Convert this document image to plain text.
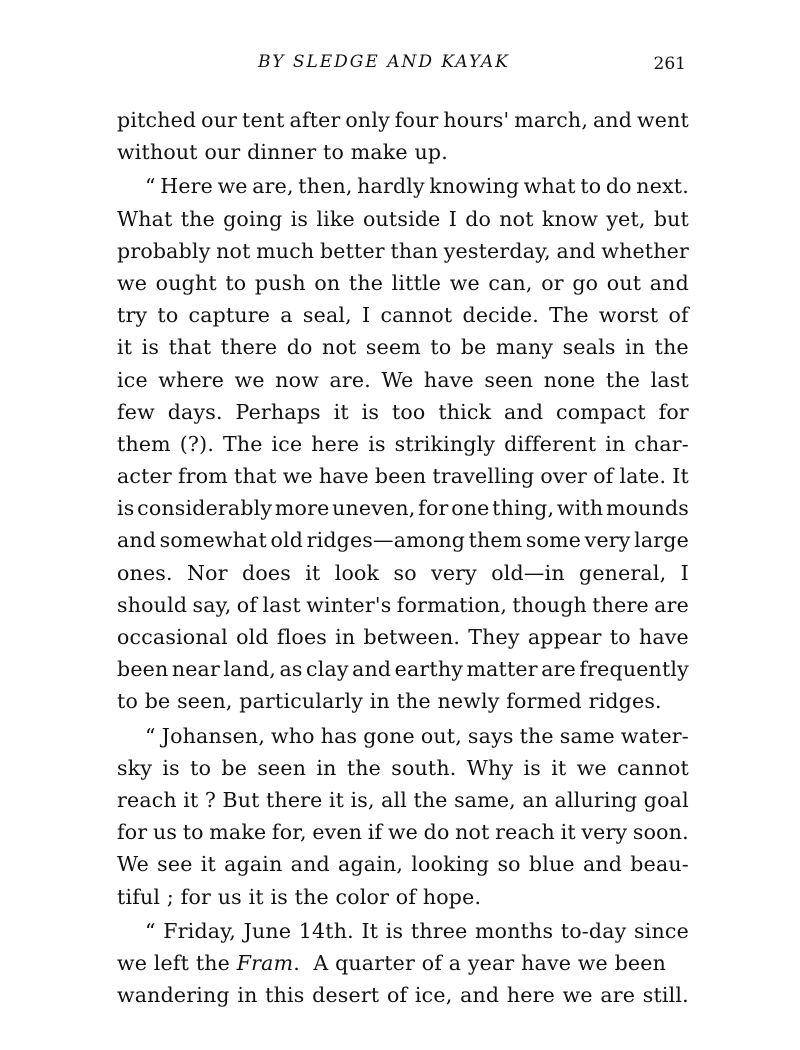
BY SLEDGE AND KAYAK	261
pitched our tent after only four hours' march, and went
without our dinner to make up.
“ Here we are, then, hardly knowing what to do next.
What the going is like outside I do not know yet, but
probably not much better than yesterday, and whether
we ought to push on the little we can, or go out and
try to capture a seal, I cannot decide. The worst of
it is that there do not seem to be many seals in the
ice where we now are. We have seen none the last
few days. Perhaps it is too thick and compact for
them (?). The ice here is strikingly different in char-
acter from that we have been travelling over of late. It
is considerably more uneven, for one thing, with mounds
and somewhat old ridges—among them some very large
ones. Nor does it look so very old—in general, I
should say, of last winter's formation, though there are
occasional old floes in between. They appear to have
been near land, as clay and earthy matter are frequently
to be seen, particularly in the newly formed ridges.
“ Johansen, who has gone out, says the same water-
sky is to be seen in the south. Why is it we cannot
reach it ? But there it is, all the same, an alluring goal
for us to make for, even if we do not reach it very soon.
We see it again and again, looking so blue and beau-
tiful ; for us it is the color of hope.
“ Friday, June 14th. It is three months to-day since
we left the Fram.  A quarter of a year have we been
wandering in this desert of ice, and here we are still.
